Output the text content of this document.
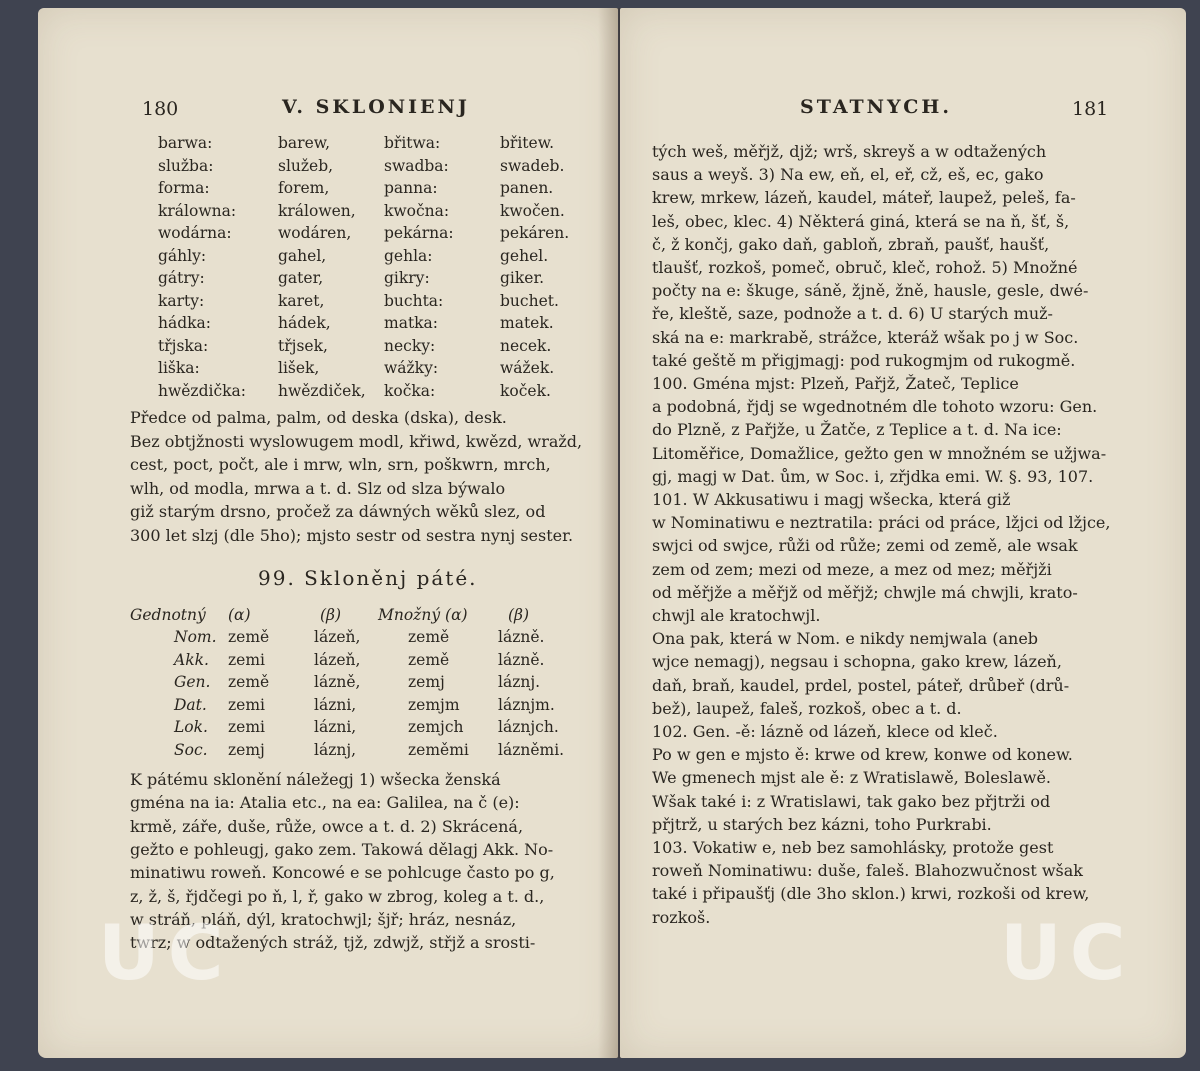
180	V. SKLONIENJ
barwa:	barew,	břitwa:	břitew.
služba:	služeb,	swadba:	swadeb.
forma:	forem,	panna:	panen.
králowna:	králowen, kwočna:	kwočen.
wodárna:	wodáren, pekárna:	pekáren.
gáhly:	gahel,	gehla:	gehel.
gátry:	gater,	gikry:	giker.
karty:	karet,	buchta:	buchet.
hádka:	hádek,	matka:	matek.
třjska:	třjsek,	necky:	necek.
liška:	lišek,	wážky:	wážek.
hwězdička: hwězdiček, kočka:	koček.
Předce od palma, palm, od deska (dska), desk.
Bez obtjžnosti wyslowugem modl, křiwd, kwězd, wražd,
cest, poct, počt, ale i mrw, wln, srn, poškwrn, mrch,
wlh, od modla, mrwa a t. d. Slz od slza býwalo
giž starým drsno, pročež za dáwných wěků slez, od
300 let slzj (dle 5ho); mjsto sestr od sestra nynj sester.
99. Skloněnj páté.
Gednotný (α)	(β) Množný (α)	(β)
Nom. země	lázeň,	země	lázně.
Akk. zemi	lázeň,	země	lázně.
Gen. země	lázně,	zemj	láznj.
Dat. zemi	lázni,	zemjm láznjm.
Lok. zemi	lázni,	zemjch láznjch.
Soc. zemj	láznj,	zeměmi lázněmi.
K pátému sklonění náležegj 1) wšecka ženská
gména na ia: Atalia etc., na ea: Galilea, na č (e):
krmě, záře, duše, růže, owce a t. d. 2) Skrácená,
gežto e pohleugj, gako zem. Takowá dělagj Akk. No-
minatiwu roweň. Koncowé e se pohlcuge často po g,
z, ž, š, řjdčegi po ň, l, ř, gako w zbrog, koleg a t. d.,
w stráň, pláň, dýl, kratochwjl; šjř; hráz, nesnáz,
twrz; w odtažených stráž, tjž, zdwjž, střjž a srosti-
UC
STATNYCH.	181
tých weš, měřjž, djž; wrš, skreyš a w odtažených
saus a weyš. 3) Na ew, eň, el, eř, cž, eš, ec, gako
krew, mrkew, lázeň, kaudel, máteř, laupež, peleš, fa-
leš, obec, klec. 4) Některá giná, která se na ň, šť, š,
č, ž končj, gako daň, gabloň, zbraň, paušť, haušť,
tlaušť, rozkoš, pomeč, obruč, kleč, rohož. 5) Množné
počty na e: škuge, sáně, žjně, žně, hausle, gesle, dwé-
ře, kleště, saze, podnože a t. d. 6) U starých muž-
ská na e: markrabě, strážce, kteráž wšak po j w Soc.
také geště m přigjmagj: pod rukogmjm od rukogmě.
100. Gména mjst: Plzeň, Pařjž, Žateč, Teplice
a podobná, řjdj se wgednotném dle tohoto wzoru: Gen.
do Plzně, z Pařjže, u Žatče, z Teplice a t. d. Na ice:
Litoměřice, Domažlice, gežto gen w množném se užjwa-
gj, magj w Dat. ům, w Soc. i, zřjdka emi. W. §. 93, 107.
101. W Akkusatiwu i magj wšecka, která giž
w Nominatiwu e neztratila: práci od práce, lžjci od lžjce,
swjci od swjce, růži od růže; zemi od země, ale wsak
zem od zem; mezi od meze, a mez od mez; měřjži
od měřjže a měřjž od měřjž; chwjle má chwjli, krato-
chwjl ale kratochwjl.
Ona pak, která w Nom. e nikdy nemjwala (aneb
wjce nemagj), negsau i schopna, gako krew, lázeň,
daň, braň, kaudel, prdel, postel, páteř, drůbeř (drů-
bež), laupež, faleš, rozkoš, obec a t. d.
102. Gen. -ě: lázně od lázeň, klece od kleč.
Po w gen e mjsto ě: krwe od krew, konwe od konew.
We gmenech mjst ale ě: z Wratislawě, Boleslawě.
Wšak také i: z Wratislawi, tak gako bez přjtrži od
přjtrž, u starých bez kázni, toho Purkrabi.
103. Vokatiw e, neb bez samohlásky, protože gest
roweň Nominatiwu: duše, faleš. Blahozwučnost wšak
také i připaušťj (dle 3ho sklon.) krwi, rozkoši od krew,
rozkoš.	UC
